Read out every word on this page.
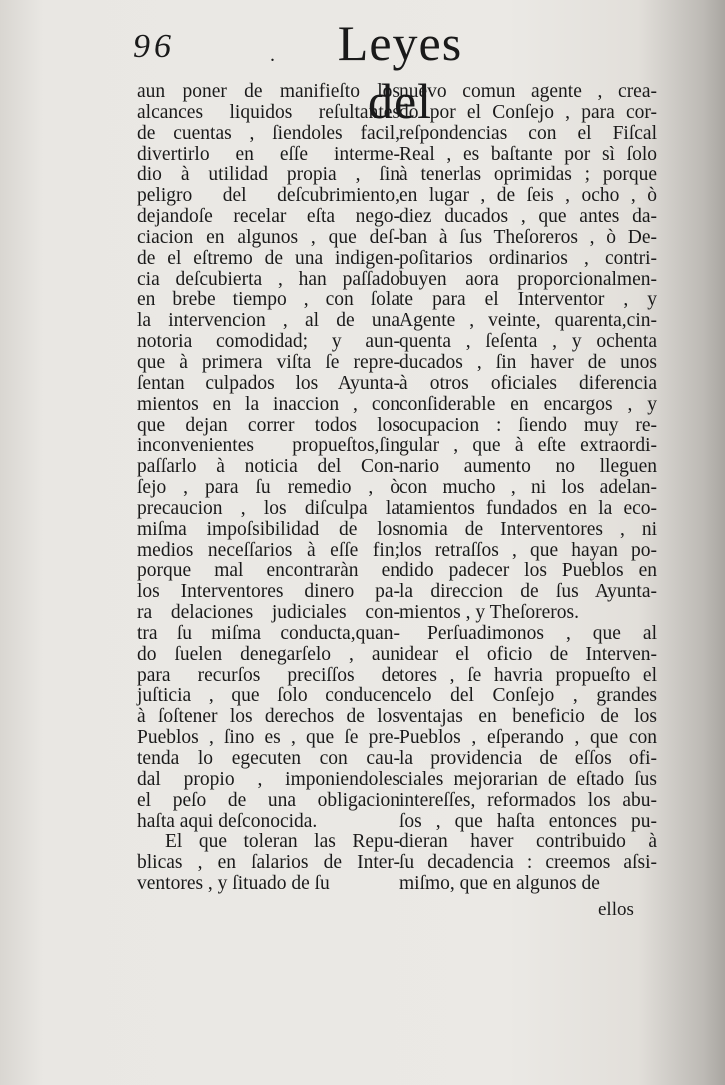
96	.	Leyes del
aun poner de manifieſto los
alcances liquidos reſultantes
de cuentas , ſiendoles facil,
divertirlo en eſſe interme-
dio à utilidad propia , ſin
peligro del deſcubrimiento,
dejandoſe recelar eſta nego-
ciacion en algunos , que deſ-
de el eſtremo de una indigen-
cia deſcubierta , han paſſado
en brebe tiempo , con ſola
la intervencion , al de una
notoria comodidad; y aun-
que à primera viſta ſe repre-
ſentan culpados los Ayunta-
mientos en la inaccion , con
que dejan correr todos los
inconvenientes propueſtos,ſin
paſſarlo à noticia del Con-
ſejo , para ſu remedio , ò
precaucion , los diſculpa la
miſma impoſsibilidad de los
medios neceſſarios à eſſe fin;
porque mal encontraràn en
los Interventores dinero pa-
ra delaciones judiciales con-
tra ſu miſma conducta,quan-
do ſuelen denegarſelo , aun
para recurſos preciſſos de
juſticia , que ſolo conducen
à ſoſtener los derechos de los
Pueblos , ſino es , que ſe pre-
tenda lo egecuten con cau-
dal propio , imponiendoles
el peſo de una obligacion
haſta aqui deſconocida.
El que toleran las Repu-
blicas , en ſalarios de Inter-
ventores , y ſituado de ſu
nuevo comun agente , crea-
do por el Conſejo , para cor-
reſpondencias con el Fiſcal
Real , es baſtante por sì ſolo
à tenerlas oprimidas ; porque
en lugar , de ſeis , ocho , ò
diez ducados , que antes da-
ban à ſus Theſoreros , ò De-
poſitarios ordinarios , contri-
buyen aora proporcionalmen-
te para el Interventor , y
Agente , veinte, quarenta,cin-
quenta , ſeſenta , y ochenta
ducados , ſin haver de unos
à otros oficiales diferencia
conſiderable en encargos , y
ocupacion : ſiendo muy re-
gular , que à eſte extraordi-
nario aumento no lleguen
con mucho , ni los adelan-
tamientos fundados en la eco-
nomia de Interventores , ni
los retraſſos , que hayan po-
dido padecer los Pueblos en
la direccion de ſus Ayunta-
mientos , y Theſoreros.
Perſuadimonos , que al
idear el oficio de Interven-
tores , ſe havria propueſto el
celo del Conſejo , grandes
ventajas en beneficio de los
Pueblos , eſperando , que con
la providencia de eſſos ofi-
ciales mejorarian de eſtado ſus
intereſſes, reformados los abu-
ſos , que haſta entonces pu-
dieran haver contribuido à
ſu decadencia : creemos aſsi-
miſmo, que en algunos de
ellos
